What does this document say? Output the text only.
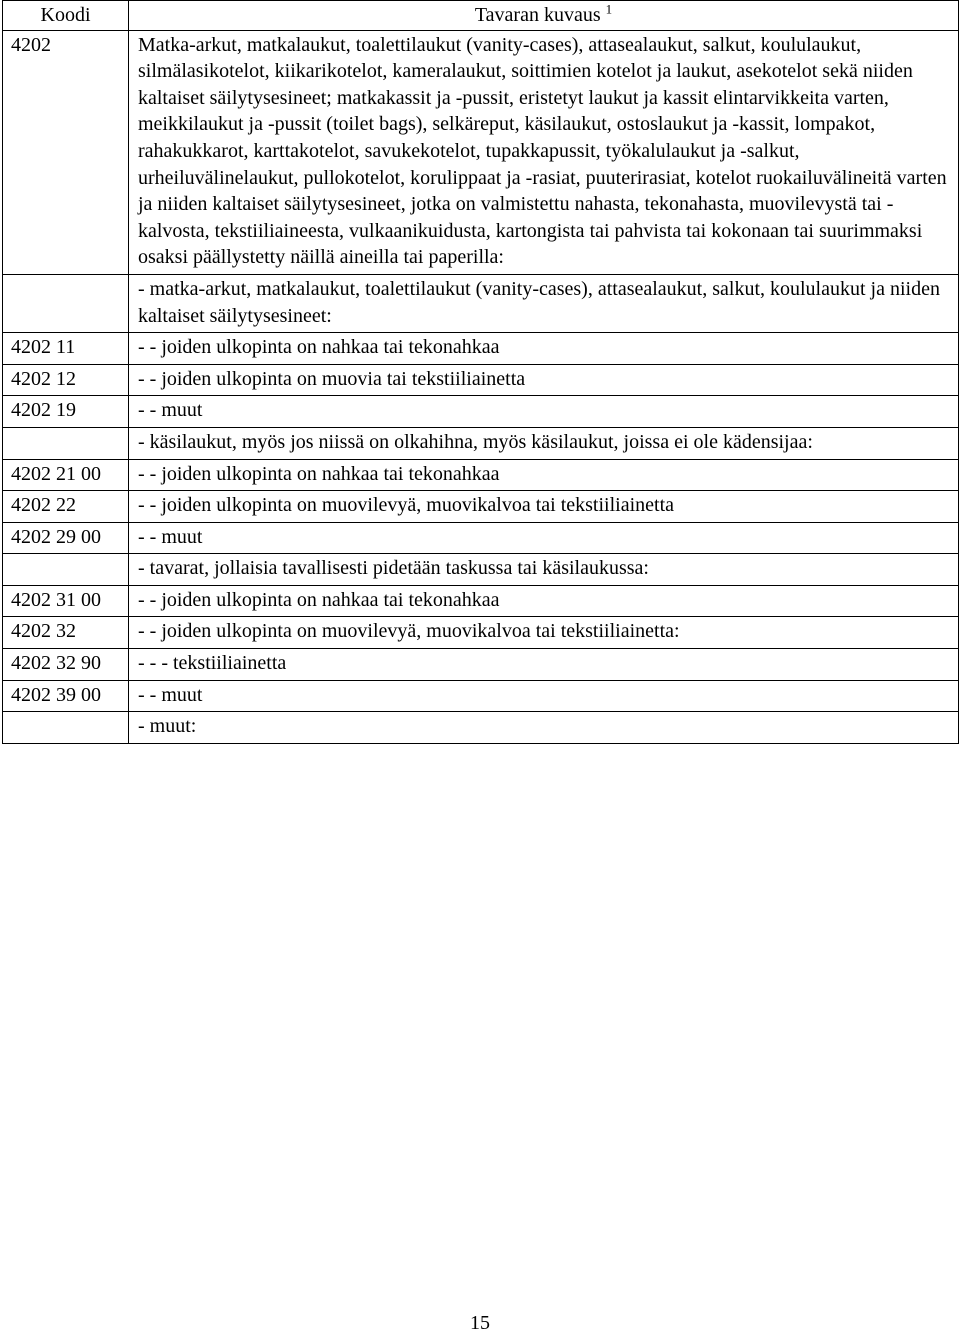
Koodi	Tavaran kuvaus $^1$
4202	Matka-arkut, matkalaukut, toalettilaukut (vanity-cases), attasealaukut, salkut, koululaukut, silmälasikotelot, kiikarikotelot, kameralaukut, soittimien kotelot ja laukut, asekotelot sekä niiden kaltaiset säilytysesineet; matkakassit ja -pussit, eristetyt laukut ja kassit elintarvikkeita varten, meikkilaukut ja -pussit (toilet bags), selkäreput, käsilaukut, ostoslaukut ja -kassit, lompakot, rahakukkarot, karttakotelot, savukekotelot, tupakkapussit, työkalulaukut ja -salkut, urheiluvälinelaukut, pullokotelot, korulippaat ja -rasiat, puuterirasiat, kotelot ruokailuvälineitä varten ja niiden kaltaiset säilytysesineet, jotka on valmistettu nahasta, tekonahasta, muovilevystä tai -kalvosta, tekstiiliaineesta, vulkaanikuidusta, kartongista tai pahvista tai kokonaan tai suurimmaksi osaksi päällystetty näillä aineilla tai paperilla:
	- matka-arkut, matkalaukut, toalettilaukut (vanity-cases), attasealaukut, salkut, koululaukut ja niiden kaltaiset säilytysesineet:
4202 11	- - joiden ulkopinta on nahkaa tai tekonahkaa
4202 12	- - joiden ulkopinta on muovia tai tekstiiliainetta
4202 19	- - muut
	- käsilaukut, myös jos niissä on olkahihna, myös käsilaukut, joissa ei ole kädensijaa:
4202 21 00	- - joiden ulkopinta on nahkaa tai tekonahkaa
4202 22	- - joiden ulkopinta on muovilevyä, muovikalvoa tai tekstiiliainetta
4202 29 00	- - muut
	- tavarat, jollaisia tavallisesti pidetään taskussa tai käsilaukussa:
4202 31 00	- - joiden ulkopinta on nahkaa tai tekonahkaa
4202 32	- - joiden ulkopinta on muovilevyä, muovikalvoa tai tekstiiliainetta:
4202 32 90	- - - tekstiiliainetta
4202 39 00	- - muut
	- muut:
15
